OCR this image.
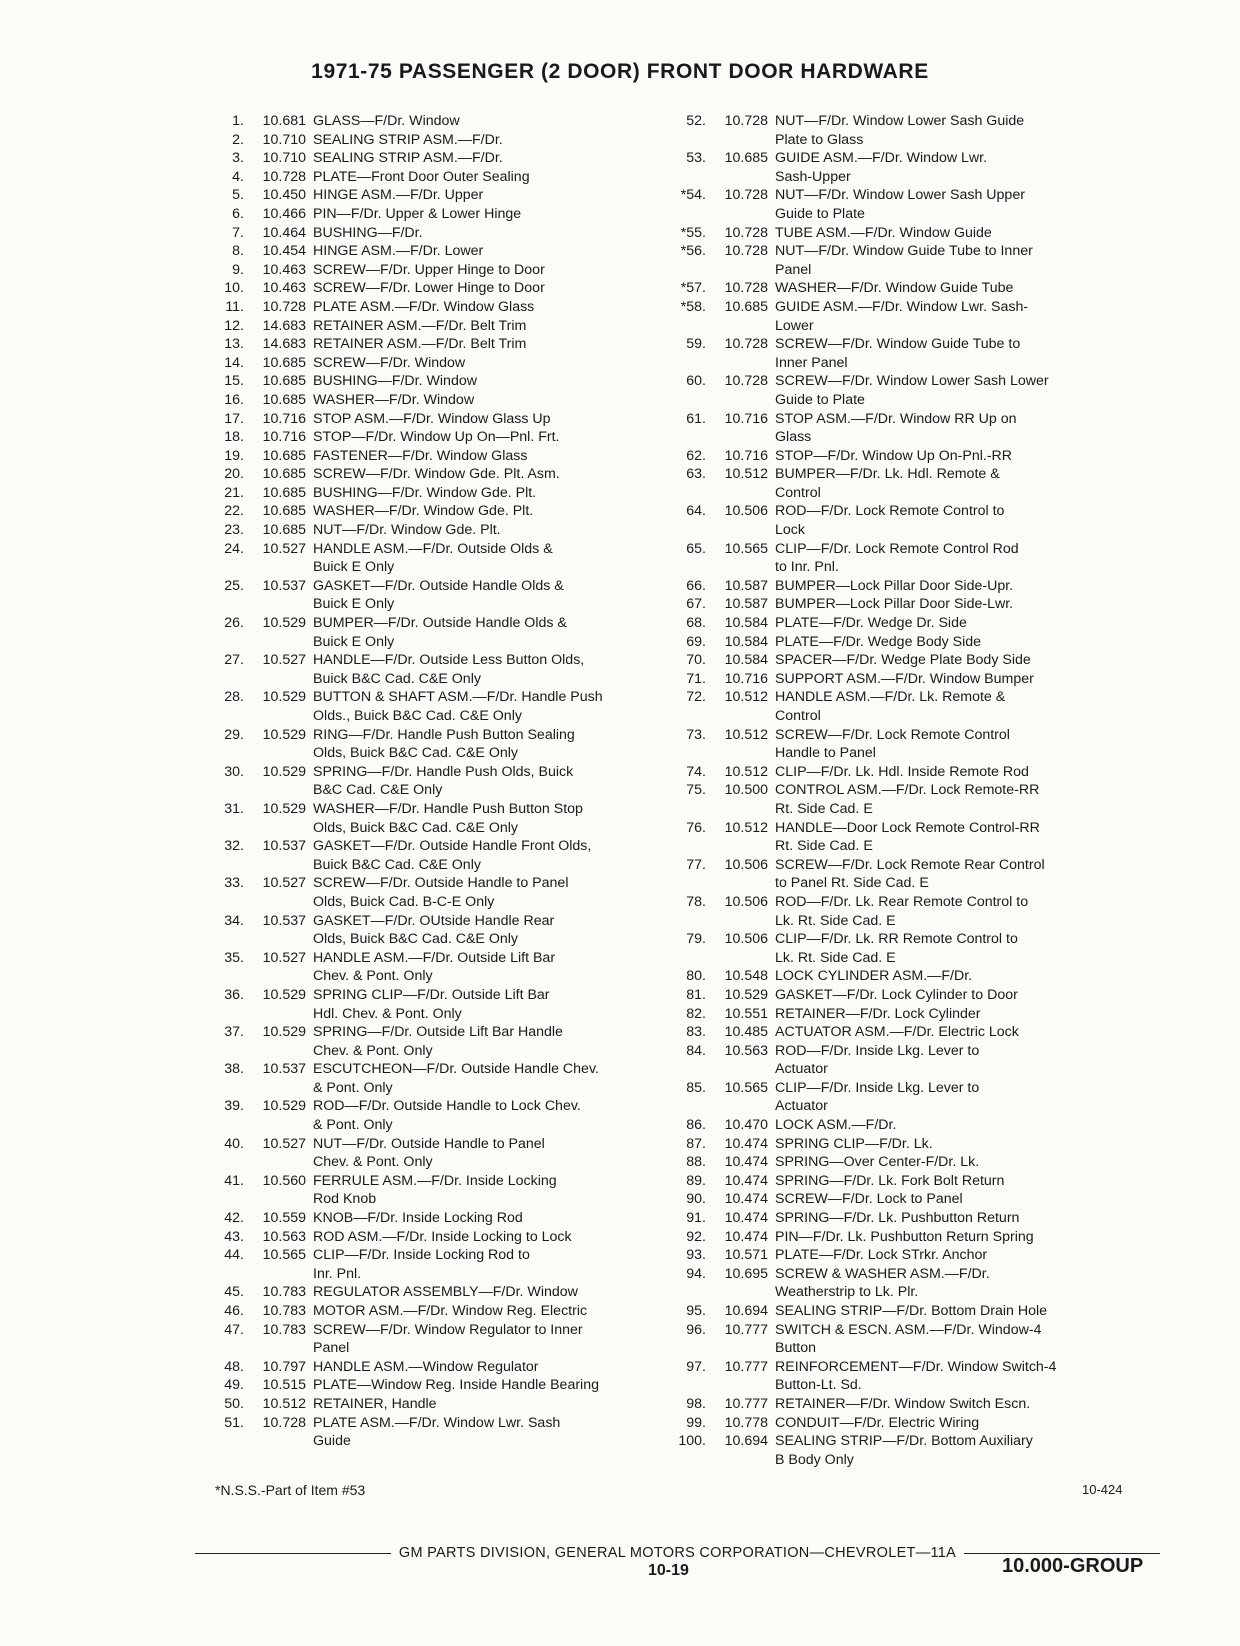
1971-75 PASSENGER (2 DOOR) FRONT DOOR HARDWARE
1.	10.681 GLASS—F/Dr. Window
2.	10.710 SEALING STRIP ASM.—F/Dr.
3.	10.710 SEALING STRIP ASM.—F/Dr.
4.	10.728 PLATE—Front Door Outer Sealing
5.	10.450 HINGE ASM.—F/Dr. Upper
6.	10.466 PIN—F/Dr. Upper & Lower Hinge
7.	10.464 BUSHING—F/Dr.
8.	10.454 HINGE ASM.—F/Dr. Lower
9.	10.463 SCREW—F/Dr. Upper Hinge to Door
10.	10.463 SCREW—F/Dr. Lower Hinge to Door
11.	10.728 PLATE ASM.—F/Dr. Window Glass
12.	14.683 RETAINER ASM.—F/Dr. Belt Trim
13.	14.683 RETAINER ASM.—F/Dr. Belt Trim
14.	10.685 SCREW—F/Dr. Window
15.	10.685 BUSHING—F/Dr. Window
16.	10.685 WASHER—F/Dr. Window
17.	10.716 STOP ASM.—F/Dr. Window Glass Up
18.	10.716 STOP—F/Dr. Window Up On—Pnl. Frt.
19.	10.685 FASTENER—F/Dr. Window Glass
20.	10.685 SCREW—F/Dr. Window Gde. Plt. Asm.
21.	10.685 BUSHING—F/Dr. Window Gde. Plt.
22.	10.685 WASHER—F/Dr. Window Gde. Plt.
23.	10.685 NUT—F/Dr. Window Gde. Plt.
24.	10.527 HANDLE ASM.—F/Dr. Outside Olds &
Buick E Only
25.	10.537 GASKET—F/Dr. Outside Handle Olds &
Buick E Only
26.	10.529 BUMPER—F/Dr. Outside Handle Olds &
Buick E Only
27.	10.527 HANDLE—F/Dr. Outside Less Button Olds,
Buick B&C Cad. C&E Only
28.	10.529 BUTTON & SHAFT ASM.—F/Dr. Handle Push
Olds., Buick B&C Cad. C&E Only
29.	10.529 RING—F/Dr. Handle Push Button Sealing
Olds, Buick B&C Cad. C&E Only
30.	10.529 SPRING—F/Dr. Handle Push Olds, Buick
B&C Cad. C&E Only
31.	10.529 WASHER—F/Dr. Handle Push Button Stop
Olds, Buick B&C Cad. C&E Only
32.	10.537 GASKET—F/Dr. Outside Handle Front Olds,
Buick B&C Cad. C&E Only
33.	10.527 SCREW—F/Dr. Outside Handle to Panel
Olds, Buick Cad. B-C-E Only
34.	10.537 GASKET—F/Dr. OUtside Handle Rear
Olds, Buick B&C Cad. C&E Only
35.	10.527 HANDLE ASM.—F/Dr. Outside Lift Bar
Chev. & Pont. Only
36.	10.529 SPRING CLIP—F/Dr. Outside Lift Bar
Hdl. Chev. & Pont. Only
37.	10.529 SPRING—F/Dr. Outside Lift Bar Handle
Chev. & Pont. Only
38.	10.537 ESCUTCHEON—F/Dr. Outside Handle Chev.
& Pont. Only
39.	10.529 ROD—F/Dr. Outside Handle to Lock Chev.
& Pont. Only
40.	10.527 NUT—F/Dr. Outside Handle to Panel
Chev. & Pont. Only
41.	10.560 FERRULE ASM.—F/Dr. Inside Locking
Rod Knob
42.	10.559 KNOB—F/Dr. Inside Locking Rod
43.	10.563 ROD ASM.—F/Dr. Inside Locking to Lock
44.	10.565 CLIP—F/Dr. Inside Locking Rod to
Inr. Pnl.
45.	10.783 REGULATOR ASSEMBLY—F/Dr. Window
46.	10.783 MOTOR ASM.—F/Dr. Window Reg. Electric
47.	10.783 SCREW—F/Dr. Window Regulator to Inner
Panel
48.	10.797 HANDLE ASM.—Window Regulator
49.	10.515 PLATE—Window Reg. Inside Handle Bearing
50.	10.512 RETAINER, Handle
51.	10.728 PLATE ASM.—F/Dr. Window Lwr. Sash
Guide
52.	10.728 NUT—F/Dr. Window Lower Sash Guide
Plate to Glass
53.	10.685 GUIDE ASM.—F/Dr. Window Lwr.
Sash-Upper
*54.	10.728 NUT—F/Dr. Window Lower Sash Upper
Guide to Plate
*55.	10.728 TUBE ASM.—F/Dr. Window Guide
*56.	10.728 NUT—F/Dr. Window Guide Tube to Inner
Panel
*57.	10.728 WASHER—F/Dr. Window Guide Tube
*58.	10.685 GUIDE ASM.—F/Dr. Window Lwr. Sash-
Lower
59.	10.728 SCREW—F/Dr. Window Guide Tube to
Inner Panel
60.	10.728 SCREW—F/Dr. Window Lower Sash Lower
Guide to Plate
61.	10.716 STOP ASM.—F/Dr. Window RR Up on
Glass
62.	10.716 STOP—F/Dr. Window Up On-Pnl.-RR
63.	10.512 BUMPER—F/Dr. Lk. Hdl. Remote &
Control
64.	10.506 ROD—F/Dr. Lock Remote Control to
Lock
65.	10.565 CLIP—F/Dr. Lock Remote Control Rod
to Inr. Pnl.
66.	10.587 BUMPER—Lock Pillar Door Side-Upr.
67.	10.587 BUMPER—Lock Pillar Door Side-Lwr.
68.	10.584 PLATE—F/Dr. Wedge Dr. Side
69.	10.584 PLATE—F/Dr. Wedge Body Side
70.	10.584 SPACER—F/Dr. Wedge Plate Body Side
71.	10.716 SUPPORT ASM.—F/Dr. Window Bumper
72.	10.512 HANDLE ASM.—F/Dr. Lk. Remote &
Control
73.	10.512 SCREW—F/Dr. Lock Remote Control
Handle to Panel
74.	10.512 CLIP—F/Dr. Lk. Hdl. Inside Remote Rod
75.	10.500 CONTROL ASM.—F/Dr. Lock Remote-RR
Rt. Side Cad. E
76.	10.512 HANDLE—Door Lock Remote Control-RR
Rt. Side Cad. E
77.	10.506 SCREW—F/Dr. Lock Remote Rear Control
to Panel Rt. Side Cad. E
78.	10.506 ROD—F/Dr. Lk. Rear Remote Control to
Lk. Rt. Side Cad. E
79.	10.506 CLIP—F/Dr. Lk. RR Remote Control to
Lk. Rt. Side Cad. E
80.	10.548 LOCK CYLINDER ASM.—F/Dr.
81.	10.529 GASKET—F/Dr. Lock Cylinder to Door
82.	10.551 RETAINER—F/Dr. Lock Cylinder
83.	10.485 ACTUATOR ASM.—F/Dr. Electric Lock
84.	10.563 ROD—F/Dr. Inside Lkg. Lever to
Actuator
85.	10.565 CLIP—F/Dr. Inside Lkg. Lever to
Actuator
86.	10.470 LOCK ASM.—F/Dr.
87.	10.474 SPRING CLIP—F/Dr. Lk.
88.	10.474 SPRING—Over Center-F/Dr. Lk.
89.	10.474 SPRING—F/Dr. Lk. Fork Bolt Return
90.	10.474 SCREW—F/Dr. Lock to Panel
91.	10.474 SPRING—F/Dr. Lk. Pushbutton Return
92.	10.474 PIN—F/Dr. Lk. Pushbutton Return Spring
93.	10.571 PLATE—F/Dr. Lock STrkr. Anchor
94.	10.695 SCREW & WASHER ASM.—F/Dr.
Weatherstrip to Lk. Plr.
95.	10.694 SEALING STRIP—F/Dr. Bottom Drain Hole
96.	10.777 SWITCH & ESCN. ASM.—F/Dr. Window-4
Button
97.	10.777 REINFORCEMENT—F/Dr. Window Switch-4
Button-Lt. Sd.
98.	10.777 RETAINER—F/Dr. Window Switch Escn.
99.	10.778 CONDUIT—F/Dr. Electric Wiring
100.	10.694 SEALING STRIP—F/Dr. Bottom Auxiliary
B Body Only
*N.S.S.-Part of Item #53	10-424
GM PARTS DIVISION, GENERAL MOTORS CORPORATION—CHEVROLET—11A
10-19	10.000-GROUP
